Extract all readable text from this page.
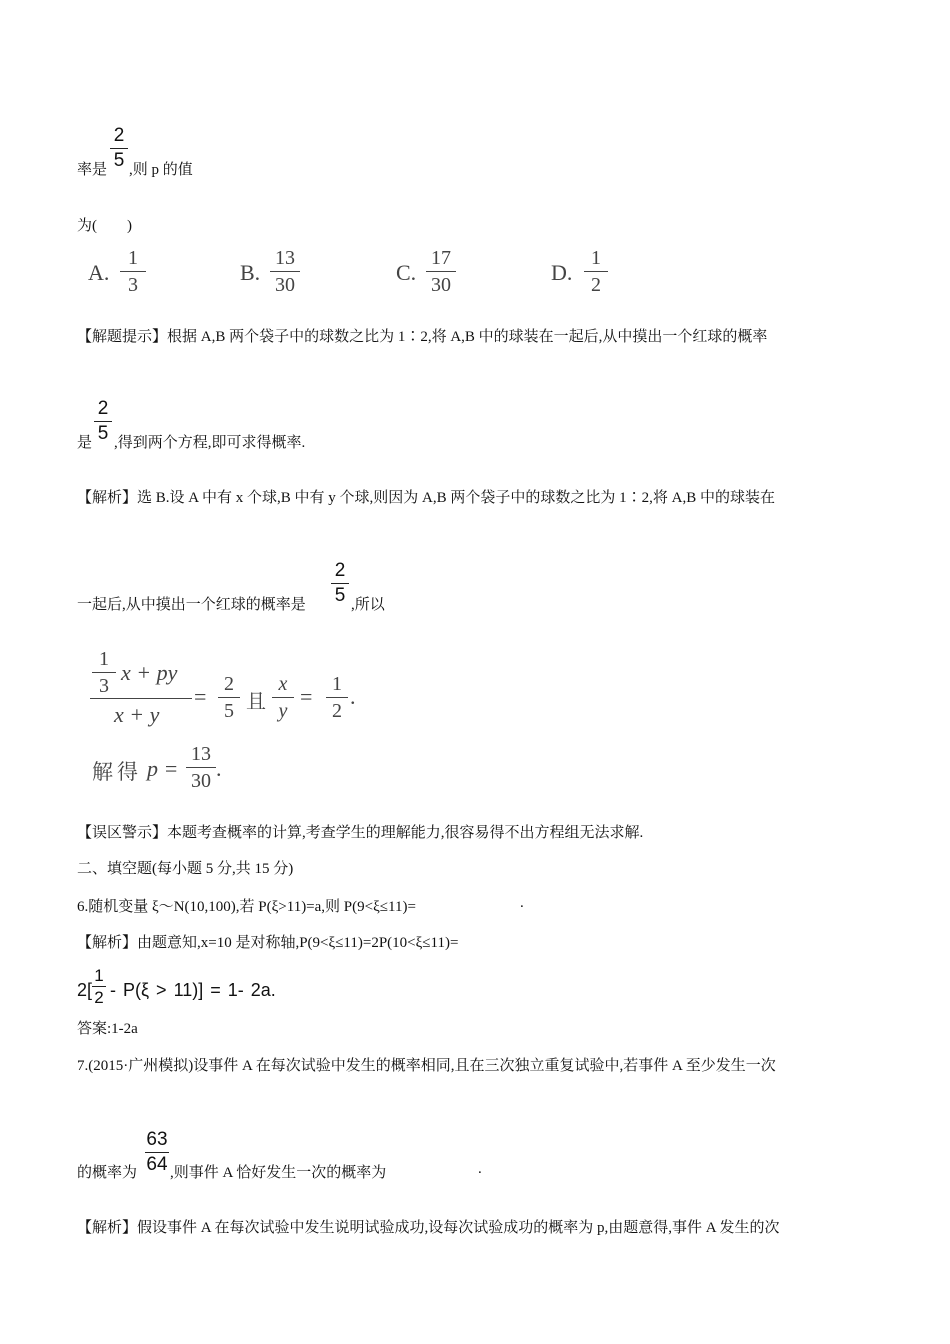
2
5
率是 ,则 p 的值
为(　　)
A.
1
3	B.
13
30	C.
17
30	D.
1
2
【解题提示】根据 A,B 两个袋子中的球数之比为 1∶2,将 A,B 中的球装在一起后,从中摸出一个红球的概率
2
5
是 ,得到两个方程,即可求得概率.
【解析】选 B.设 A 中有 x 个球,B 中有 y 个球,则因为 A,B 两个袋子中的球数之比为 1∶2,将 A,B 中的球装在
2
5
一起后,从中摸出一个红球的概率是	,所以
1
3
x + py
x + y
= 2
5 且
x
y
= 1
2
.
解得 p =
13
30 .
【误区警示】本题考查概率的计算,考查学生的理解能力,很容易得不出方程组无法求解.
二、填空题(每小题 5 分,共 15 分)
6.随机变量 ξ～N(10,100),若 P(ξ>11)=a,则 P(9<ξ≤11)=	.
【解析】由题意知,x=10 是对称轴,P(9<ξ≤11)=2P(10<ξ≤11)=
2[
1
2 - P(ξ > 11)] = 1- 2a.
答案:1-2a
7.(2015·广州模拟)设事件 A 在每次试验中发生的概率相同,且在三次独立重复试验中,若事件 A 至少发生一次
63
64
的概率为 ,则事件 A 恰好发生一次的概率为	.
【解析】假设事件 A 在每次试验中发生说明试验成功,设每次试验成功的概率为 p,由题意得,事件 A 发生的次
